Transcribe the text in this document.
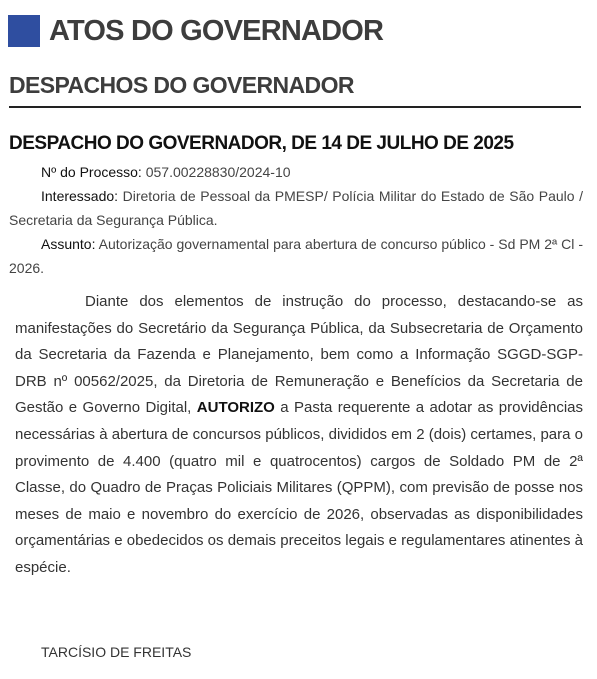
ATOS DO GOVERNADOR
DESPACHOS DO GOVERNADOR
DESPACHO DO GOVERNADOR, DE 14 DE JULHO DE 2025

Nº do Processo: 057.00228830/2024-10

Interessado: Diretoria de Pessoal da PMESP/ Polícia Militar do Estado de São Paulo / Secretaria da Segurança Pública.

Assunto: Autorização governamental para abertura de concurso público - Sd PM 2ª Cl - 2026.

Diante dos elementos de instrução do processo, destacando-se as manifestações do Secretário da Segurança Pública, da Subsecretaria de Orçamento da Secretaria da Fazenda e Planejamento, bem como a Informação SGGD-SGP-DRB nº 00562/2025, da Diretoria de Remuneração e Benefícios da Secretaria de Gestão e Governo Digital, AUTORIZO a Pasta requerente a adotar as providências necessárias à abertura de concursos públicos, divididos em 2 (dois) certames, para o provimento de 4.400 (quatro mil e quatrocentos) cargos de Soldado PM de 2ª Classe, do Quadro de Praças Policiais Militares (QPPM), com previsão de posse nos meses de maio e novembro do exercício de 2026, observadas as disponibilidades orçamentárias e obedecidos os demais preceitos legais e regulamentares atinentes à espécie.

TARCÍSIO DE FREITAS
